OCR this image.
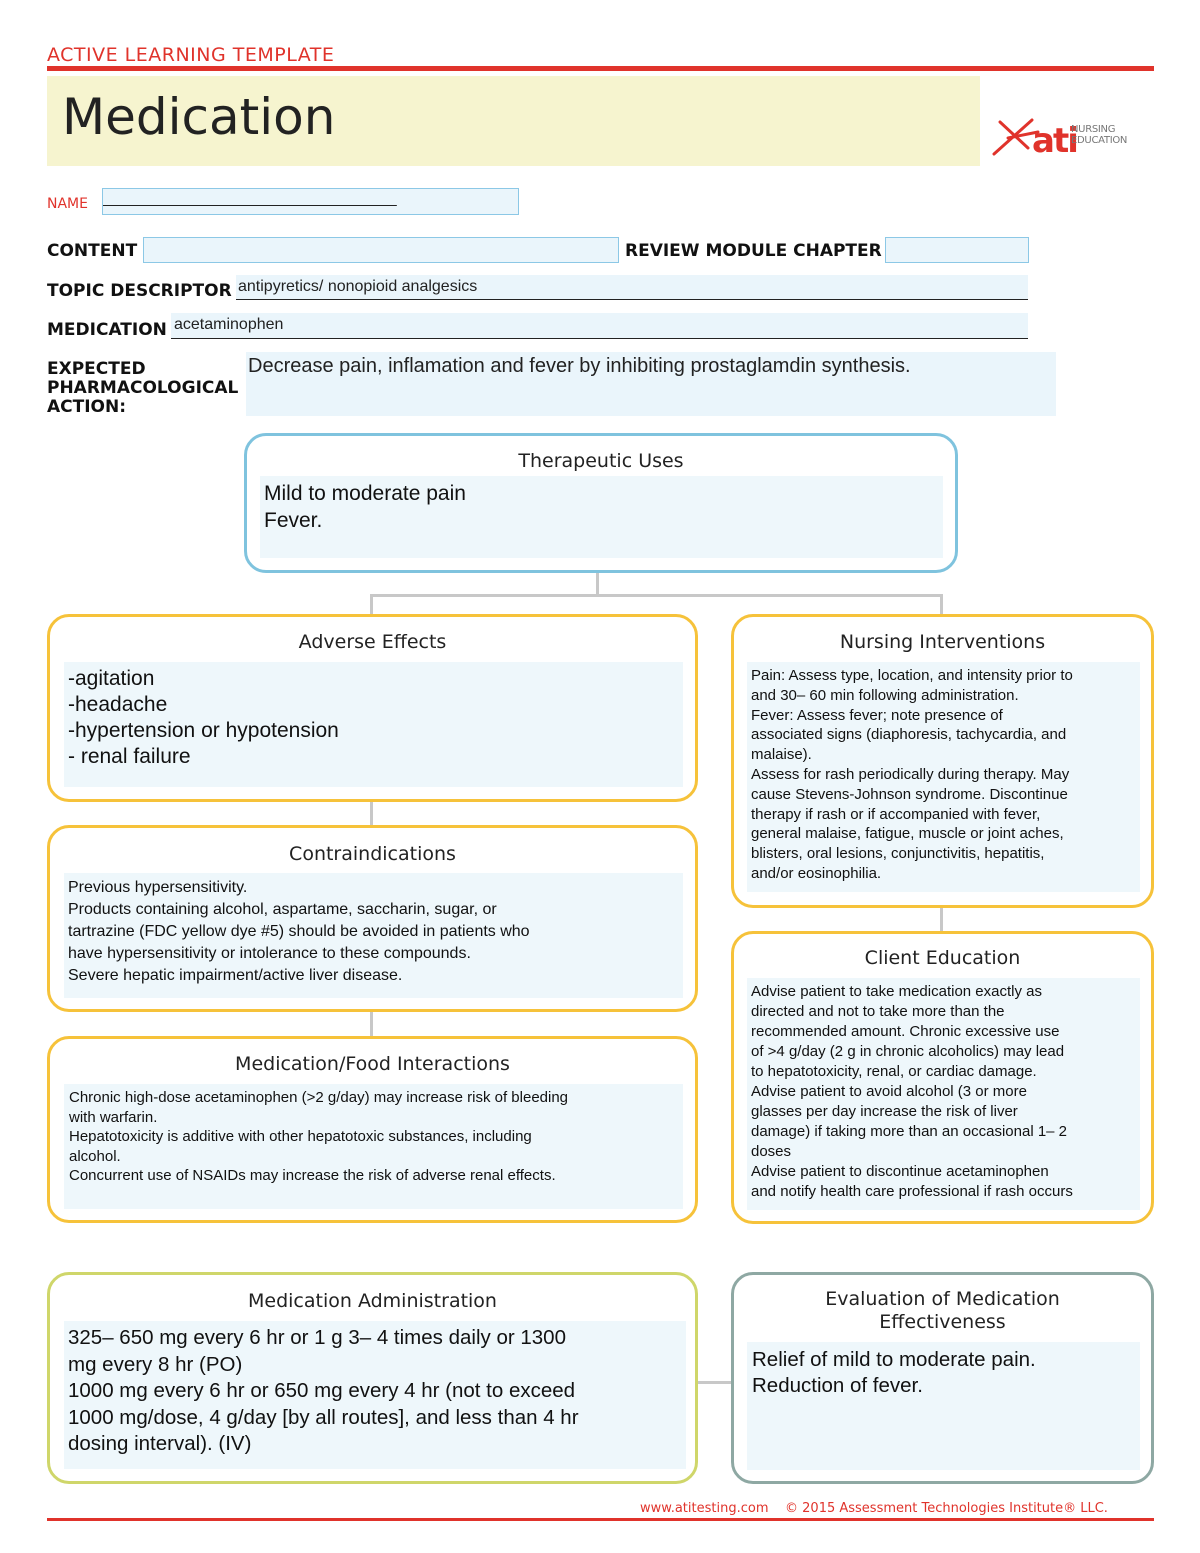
ACTIVE LEARNING TEMPLATE
Medication	ati
NURSING
EDUCATION
NAME _________________________________
CONTENT	REVIEW MODULE CHAPTER
TOPIC DESCRIPTOR antipyretics/ nonopioid analgesics
MEDICATION acetaminophen
EXPECTED
PHARMACOLOGICAL
ACTION:
Decrease pain, inflamation and fever by inhibiting prostaglamdin synthesis.
Therapeutic Uses
Mild to moderate pain
Fever.
Adverse Effects
-agitation
-headache
-hypertension or hypotension
- renal failure
Contraindications
Previous hypersensitivity.
Products containing alcohol, aspartame, saccharin, sugar, or
tartrazine (FDC yellow dye #5) should be avoided in patients who
have hypersensitivity or intolerance to these compounds.
Severe hepatic impairment/active liver disease.
Medication/Food Interactions
Chronic high-dose acetaminophen (>2 g/day) may increase risk of bleeding
with warfarin.
Hepatotoxicity is additive with other hepatotoxic substances, including
alcohol.
Concurrent use of NSAIDs may increase the risk of adverse renal effects.
Nursing Interventions
Pain: Assess type, location, and intensity prior to
and 30– 60 min following administration.
Fever: Assess fever; note presence of
associated signs (diaphoresis, tachycardia, and
malaise).
Assess for rash periodically during therapy. May
cause Stevens-Johnson syndrome. Discontinue
therapy if rash or if accompanied with fever,
general malaise, fatigue, muscle or joint aches,
blisters, oral lesions, conjunctivitis, hepatitis,
and/or eosinophilia.
Client Education
Advise patient to take medication exactly as
directed and not to take more than the
recommended amount. Chronic excessive use
of >4 g/day (2 g in chronic alcoholics) may lead
to hepatotoxicity, renal, or cardiac damage.
Advise patient to avoid alcohol (3 or more
glasses per day increase the risk of liver
damage) if taking more than an occasional 1– 2
doses
Advise patient to discontinue acetaminophen
and notify health care professional if rash occurs
Medication Administration
325– 650 mg every 6 hr or 1 g 3– 4 times daily or 1300
mg every 8 hr (PO)
1000 mg every 6 hr or 650 mg every 4 hr (not to exceed
1000 mg/dose, 4 g/day [by all routes], and less than 4 hr
dosing interval). (IV)
Evaluation of Medication
Effectiveness
Relief of mild to moderate pain.
Reduction of fever.
www.atitesting.com © 2015 Assessment Technologies Institute® LLC.
